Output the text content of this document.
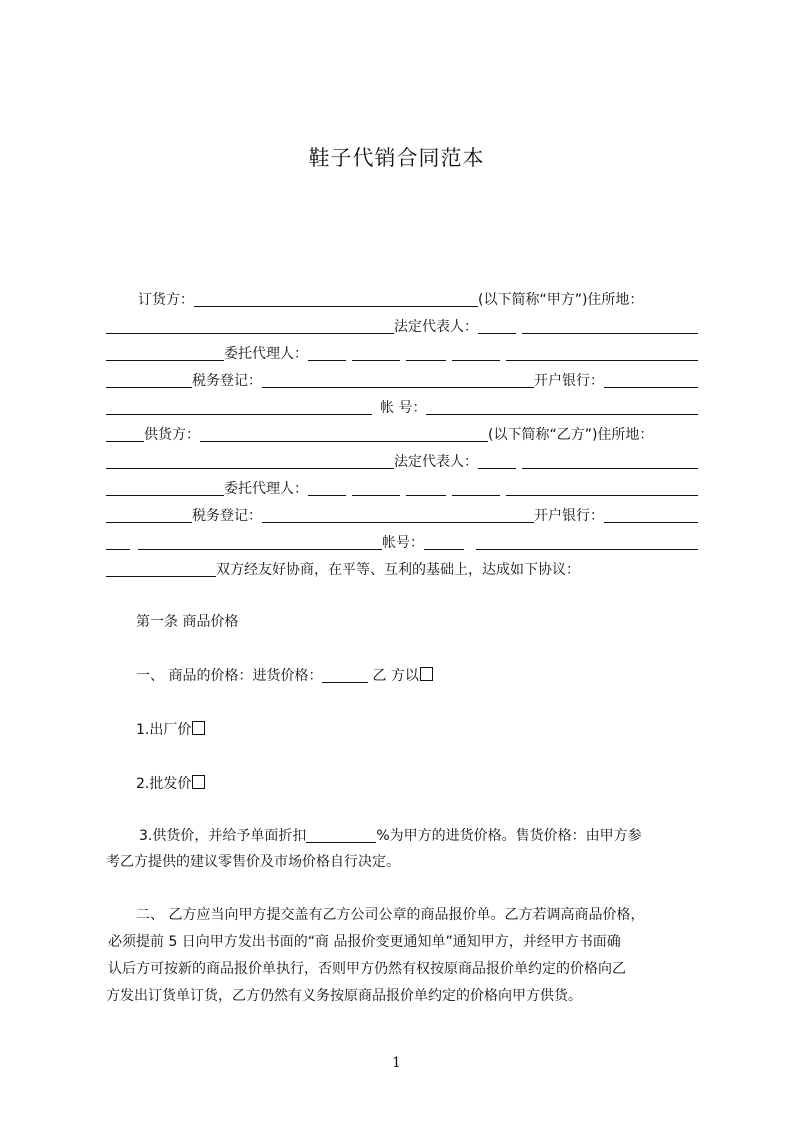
鞋子代销合同范本
订货方：	(以下简称“甲方”)住所地：
法定代表人：
委托代理人：
税务登记：	开户银行：
帐 号：
供货方：	(以下简称“乙方”)住所地：
法定代表人：
委托代理人：
税务登记：	开户银行：
帐号：
双方经友好协商，在平等、互利的基础上，达成如下协议：
第一条 商品价格
一、 商品的价格：进货价格：	乙 方以
1.出厂价
2.批发价
3.供货价，并给予单面折扣	%为甲方的进货价格。售货价格：由甲方参
考乙方提供的建议零售价及市场价格自行决定。
二、 乙方应当向甲方提交盖有乙方公司公章的商品报价单。乙方若调高商品价格，
必须提前 5 日向甲方发出书面的“商 品报价变更通知单”通知甲方，并经甲方书面确
认后方可按新的商品报价单执行，否则甲方仍然有权按原商品报价单约定的价格向乙
方发出订货单订货，乙方仍然有义务按原商品报价单约定的价格向甲方供货。
1
